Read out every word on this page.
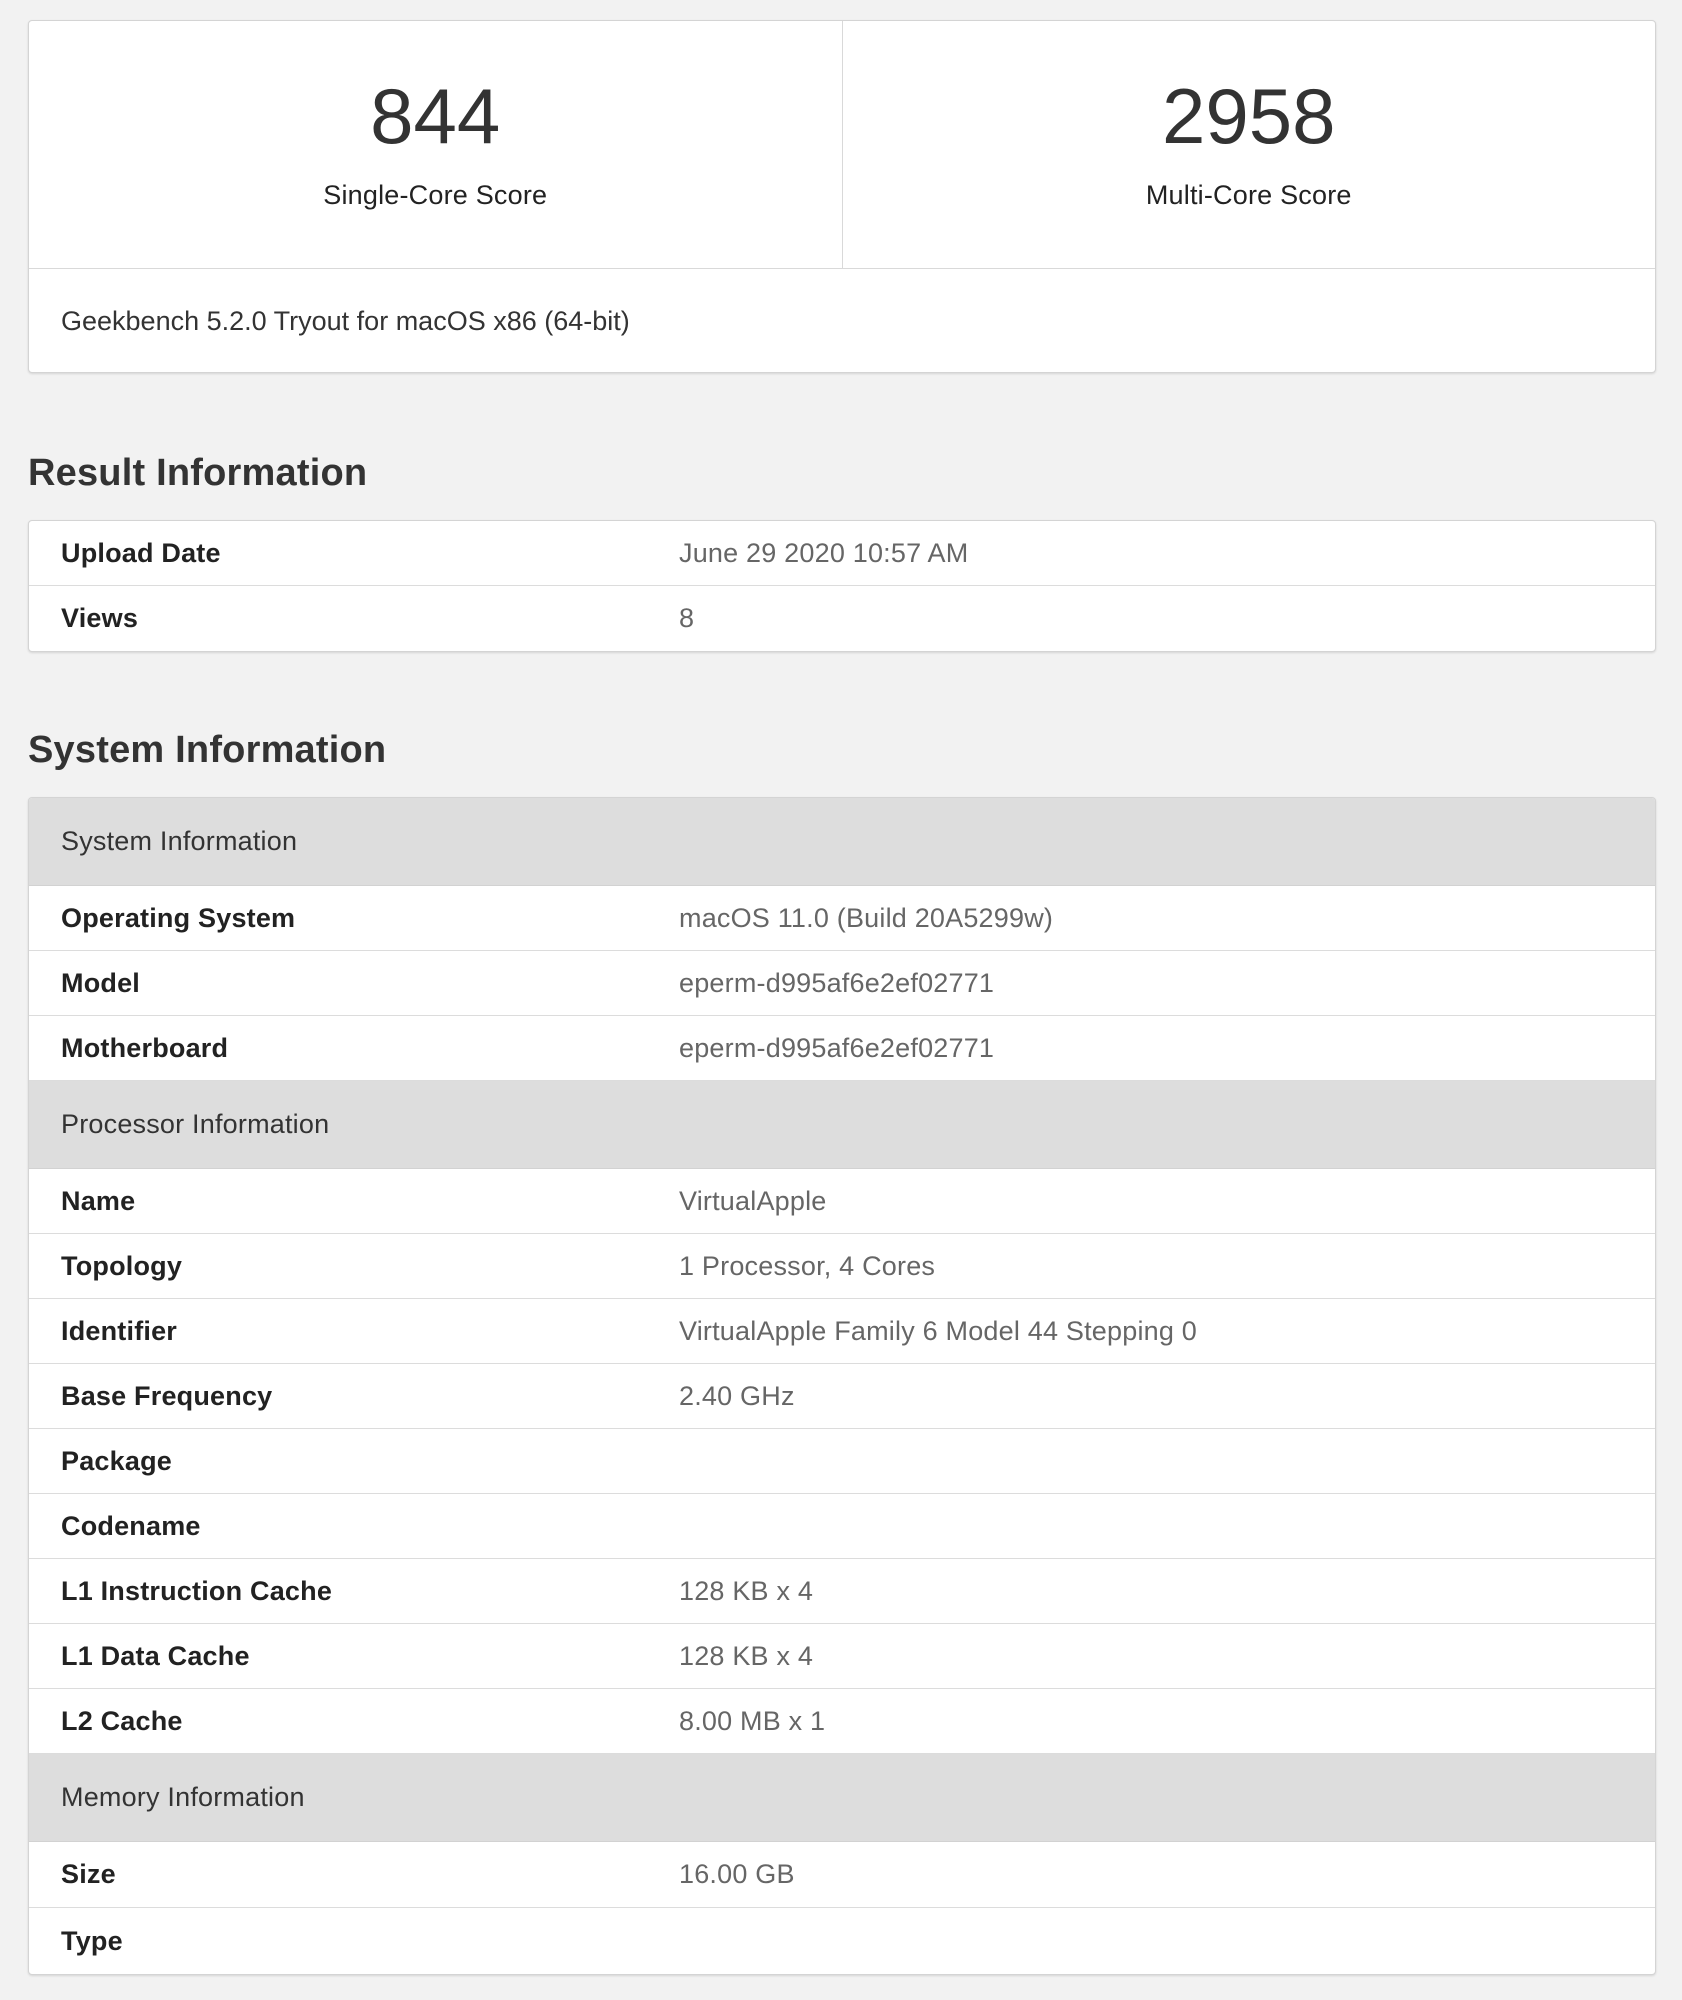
844
Single-Core Score
2958
Multi-Core Score
Geekbench 5.2.0 Tryout for macOS x86 (64-bit)
Result Information
Upload Date	June 29 2020 10:57 AM
Views	8
System Information
System Information
Operating System	macOS 11.0 (Build 20A5299w)
Model	eperm-d995af6e2ef02771
Motherboard	eperm-d995af6e2ef02771
Processor Information
Name	VirtualApple
Topology	1 Processor, 4 Cores
Identifier	VirtualApple Family 6 Model 44 Stepping 0
Base Frequency	2.40 GHz
Package
Codename
L1 Instruction Cache	128 KB x 4
L1 Data Cache	128 KB x 4
L2 Cache	8.00 MB x 1
Memory Information
Size	16.00 GB
Type
